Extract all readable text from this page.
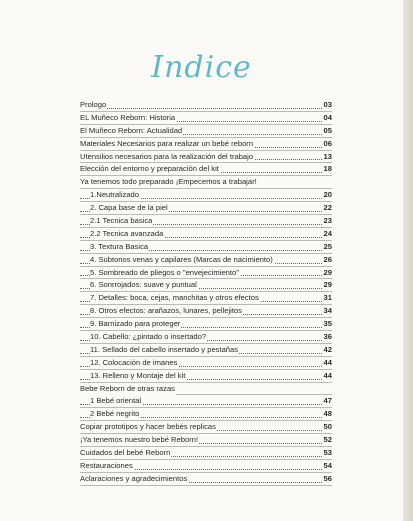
Indice
Prologo	03
EL Muñeco Reborn: Historia	04
El Muñeco Reborn: Actualidad	05
Materiales Necesarios para realizar un bebé reborn	06
Utensilios necesarios para la realización del trabajo	13
Elección del entorno y preparación del kit	18
Ya tenemos todo preparado ¡Empecemos a trabajar!
1.Neutralizado	20
2. Capa base de la piel	22
2.1 Tecnica basica	23
2.2 Tecnica avanzada	24
3. Textura Basica	25
4. Subtonos venas y capilares (Marcas de nacimiento)	26
5. Sombreado de pliegos o "envejecimiento"	29
6. Sonrrojados: suave y puntual	29
7. Detalles: boca, cejas, manchitas y otros efectos	31
8. Otros efectos: arañazos, lunares, pellejitos	34
9. Barnizado para proteger	35
10. Cabello: ¿pintado o insertado?	36
11. Sellado del cabello insertado y pestañas	42
12. Colocación de imanes	44
13. Relleno y Montaje del kit	44
Bebe Reborn de otras razas
1 Bebé oriental	47
2 Bebé negrito	48
Copiar prototipos y hacer bebés replicas	50
¡Ya tenemos nuestro bebé Reborn!	52
Cuidados del bebé Reborn	53
Restauraciones	54
Aclaraciones y agradecimientos	56
